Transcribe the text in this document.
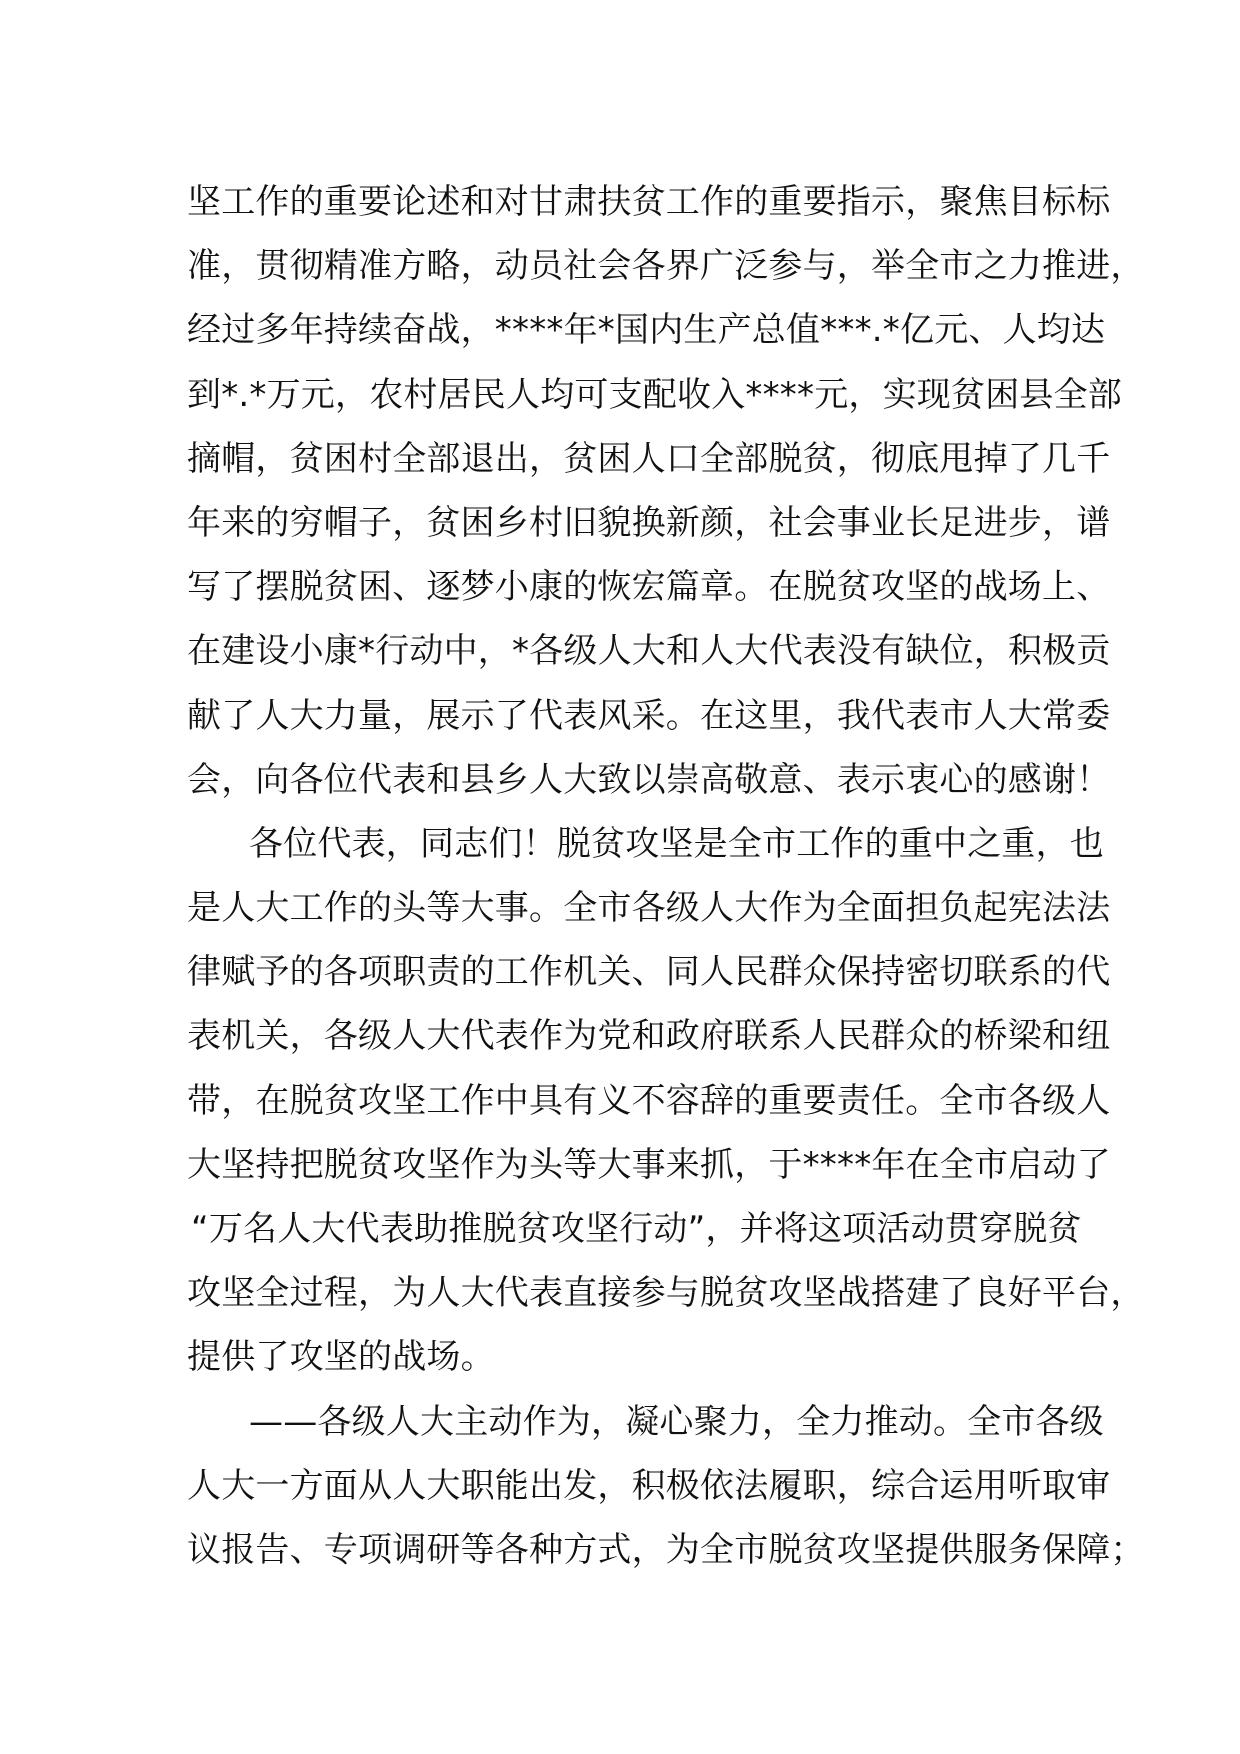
坚工作的重要论述和对甘肃扶贫工作的重要指示，聚焦目标标
准，贯彻精准方略，动员社会各界广泛参与，举全市之力推进，
经过多年持续奋战，****年*国内生产总值***.*亿元、人均达
到*.*万元，农村居民人均可支配收入****元，实现贫困县全部
摘帽，贫困村全部退出，贫困人口全部脱贫，彻底甩掉了几千
年来的穷帽子，贫困乡村旧貌换新颜，社会事业长足进步，谱
写了摆脱贫困、逐梦小康的恢宏篇章。在脱贫攻坚的战场上、
在建设小康*行动中，*各级人大和人大代表没有缺位，积极贡
献了人大力量，展示了代表风采。在这里，我代表市人大常委
会，向各位代表和县乡人大致以崇高敬意、表示衷心的感谢！
各位代表，同志们！脱贫攻坚是全市工作的重中之重，也
是人大工作的头等大事。全市各级人大作为全面担负起宪法法
律赋予的各项职责的工作机关、同人民群众保持密切联系的代
表机关，各级人大代表作为党和政府联系人民群众的桥梁和纽
带，在脱贫攻坚工作中具有义不容辞的重要责任。全市各级人
大坚持把脱贫攻坚作为头等大事来抓，于****年在全市启动了
“万名人大代表助推脱贫攻坚行动”，并将这项活动贯穿脱贫
攻坚全过程，为人大代表直接参与脱贫攻坚战搭建了良好平台，
提供了攻坚的战场。
——各级人大主动作为，凝心聚力，全力推动。全市各级
人大一方面从人大职能出发，积极依法履职，综合运用听取审
议报告、专项调研等各种方式，为全市脱贫攻坚提供服务保障；
